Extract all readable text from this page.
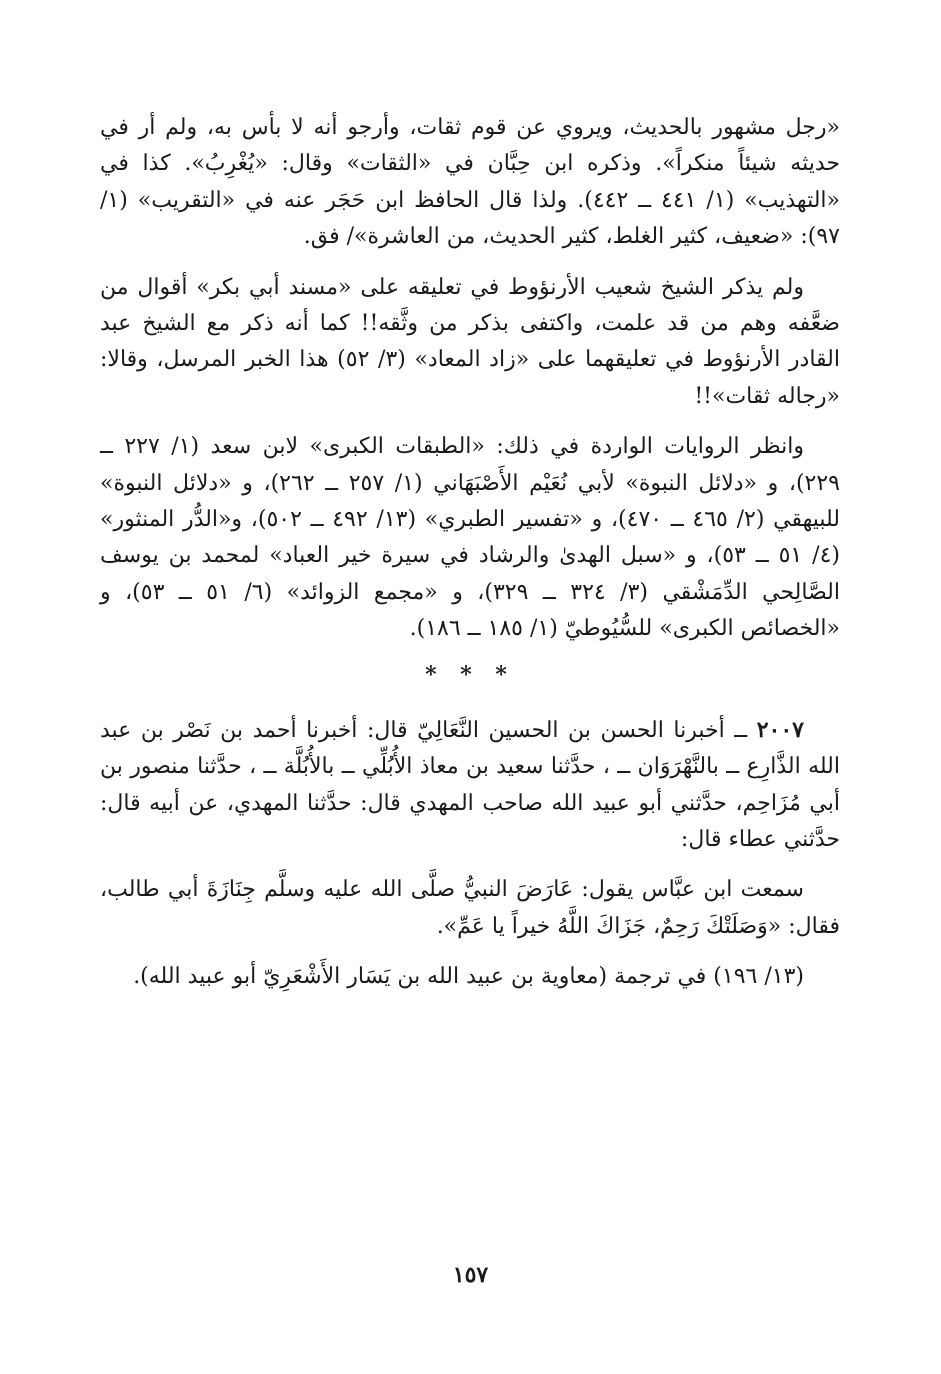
«رجل مشهور بالحديث، ويروي عن قوم ثقات، وأرجو أنه لا بأس به، ولم أر في حديثه شيئاً منكراً». وذكره ابن حِبَّان في «الثقات» وقال: «يُغْرِبُ». كذا في «التهذيب» (١/ ٤٤١ ــ ٤٤٢). ولذا قال الحافظ ابن حَجَر عنه في «التقريب» (١/ ٩٧): «ضعيف، كثير الغلط، كثير الحديث، من العاشرة»/ فق.

ولم يذكر الشيخ شعيب الأرنؤوط في تعليقه على «مسند أبي بكر» أقوال من ضعَّفه وهم من قد علمت، واكتفى بذكر من وثَّقه!! كما أنه ذكر مع الشيخ عبد القادر الأرنؤوط في تعليقهما على «زاد المعاد» (٣/ ٥٢) هذا الخبر المرسل، وقالا: «رجاله ثقات»!!

وانظر الروايات الواردة في ذلك: «الطبقات الكبرى» لابن سعد (١/ ٢٢٧ ــ ٢٢٩)، و «دلائل النبوة» لأبي نُعَيْم الأَصْبَهَاني (١/ ٢٥٧ ــ ٢٦٢)، و «دلائل النبوة» للبيهقي (٢/ ٤٦٥ ــ ٤٧٠)، و «تفسير الطبري» (١٣/ ٤٩٢ ــ ٥٠٢)، و«الدُّر المنثور» (٤/ ٥١ ــ ٥٣)، و «سبل الهدىٰ والرشاد في سيرة خير العباد» لمحمد بن يوسف الصَّالِحي الدِّمَشْقي (٣/ ٣٢٤ ــ ٣٢٩)، و «مجمع الزوائد» (٦/ ٥١ ــ ٥٣)، و «الخصائص الكبرى» للسُّيُوطيّ (١/ ١٨٥ ــ ١٨٦).

* * *

٢٠٠٧ ــ أخبرنا الحسن بن الحسين النَّعَالِيّ قال: أخبرنا أحمد بن نَصْر بن عبد الله الذَّارِع ــ بالنَّهْرَوَان ــ ، حدَّثنا سعيد بن معاذ الأُبُلِّي ــ بالأُبُلَّة ــ ، حدَّثنا منصور بن أبي مُزَاحِم، حدَّثني أبو عبيد الله صاحب المهدي قال: حدَّثنا المهدي، عن أبيه قال: حدَّثني عطاء قال:

سمعت ابن عبَّاس يقول: عَارَضَ النبيُّ صلَّى الله عليه وسلَّم جِنَازَةَ أبي طالب، فقال: «وَصَلَتْكَ رَحِمٌ، جَزَاكَ اللَّهُ خيراً يا عَمِّ».

(١٣/ ١٩٦) في ترجمة (معاوية بن عبيد الله بن يَسَار الأَشْعَرِيّ أبو عبيد الله).

١٥٧
